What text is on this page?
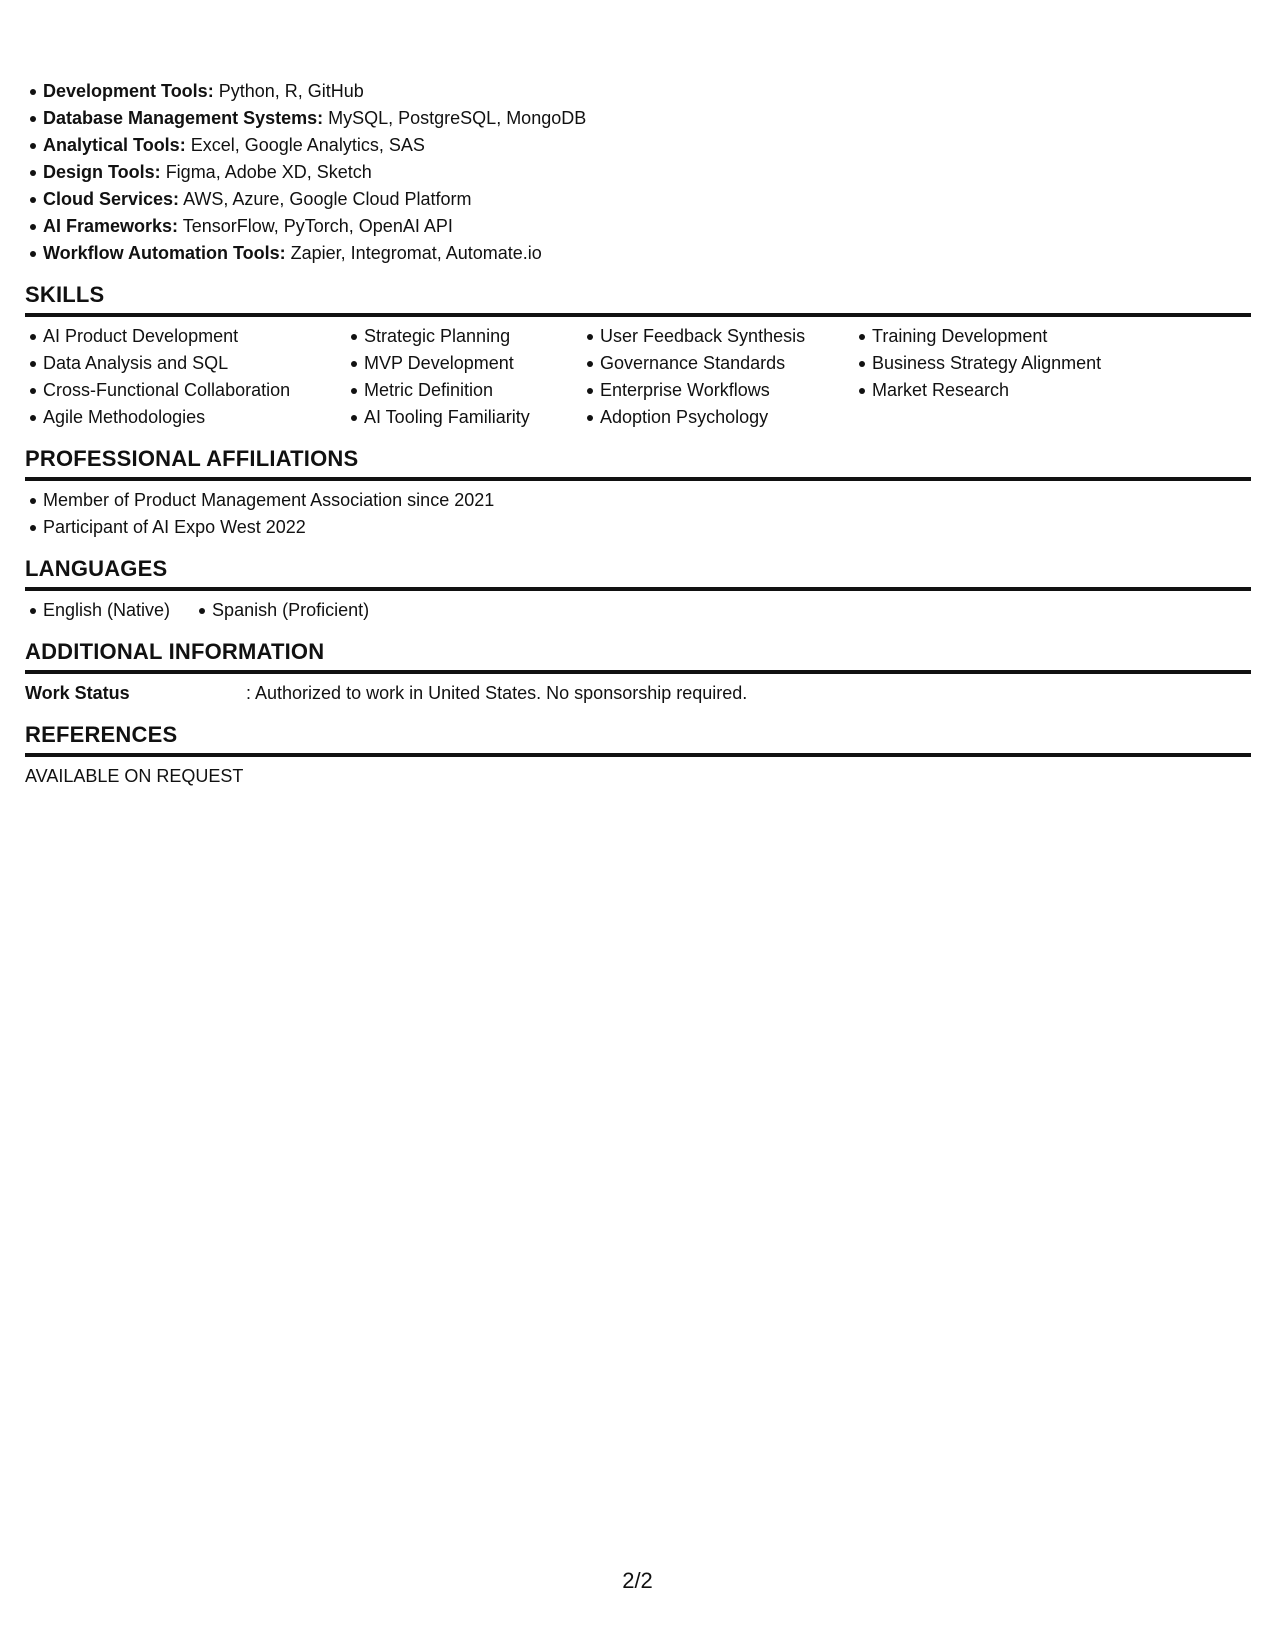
Development Tools: Python, R, GitHub
Database Management Systems: MySQL, PostgreSQL, MongoDB
Analytical Tools: Excel, Google Analytics, SAS
Design Tools: Figma, Adobe XD, Sketch
Cloud Services: AWS, Azure, Google Cloud Platform
AI Frameworks: TensorFlow, PyTorch, OpenAI API
Workflow Automation Tools: Zapier, Integromat, Automate.io
SKILLS
AI Product Development
Data Analysis and SQL
Cross-Functional Collaboration
Agile Methodologies
Strategic Planning
MVP Development
Metric Definition
AI Tooling Familiarity
User Feedback Synthesis
Governance Standards
Enterprise Workflows
Adoption Psychology
Training Development
Business Strategy Alignment
Market Research
PROFESSIONAL AFFILIATIONS
Member of Product Management Association since 2021
Participant of AI Expo West 2022
LANGUAGES
English (Native) Spanish (Proficient)
ADDITIONAL INFORMATION
Work Status	: Authorized to work in United States. No sponsorship required.
REFERENCES
AVAILABLE ON REQUEST
2/2
